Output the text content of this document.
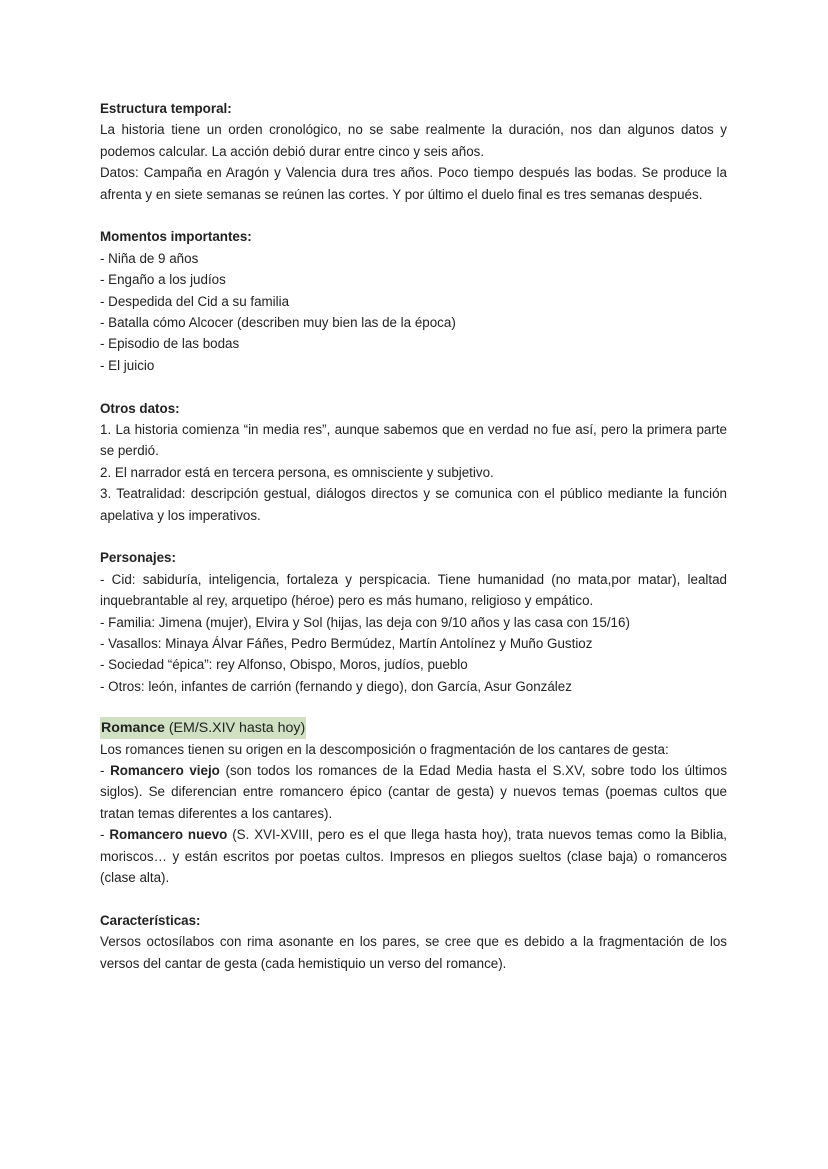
Estructura temporal:
La historia tiene un orden cronológico, no se sabe realmente la duración, nos dan algunos datos y podemos calcular. La acción debió durar entre cinco y seis años.
Datos: Campaña en Aragón y Valencia dura tres años. Poco tiempo después las bodas. Se produce la afrenta y en siete semanas se reúnen las cortes. Y por último el duelo final es tres semanas después.
Momentos importantes:
- Niña de 9 años
- Engaño a los judíos
- Despedida del Cid a su familia
- Batalla cómo Alcocer (describen muy bien las de la época)
- Episodio de las bodas
- El juicio
Otros datos:
1. La historia comienza “in media res”, aunque sabemos que en verdad no fue así, pero la primera parte se perdió.
2. El narrador está en tercera persona, es omnisciente y subjetivo.
3. Teatralidad: descripción gestual, diálogos directos y se comunica con el público mediante la función apelativa y los imperativos.
Personajes:
- Cid: sabiduría, inteligencia, fortaleza y perspicacia. Tiene humanidad (no mata,por matar), lealtad inquebrantable al rey, arquetipo (héroe) pero es más humano, religioso y empático.
- Familia: Jimena (mujer), Elvira y Sol (hijas, las deja con 9/10 años y las casa con 15/16)
- Vasallos: Minaya Álvar Fáñes, Pedro Bermúdez, Martín Antolínez y Muño Gustioz
- Sociedad “épica”: rey Alfonso, Obispo, Moros, judíos, pueblo
- Otros: león, infantes de carrión (fernando y diego), don García, Asur González
Romance (EM/S.XIV hasta hoy)
Los romances tienen su origen en la descomposición o fragmentación de los cantares de gesta:
- Romancero viejo (son todos los romances de la Edad Media hasta el S.XV, sobre todo los últimos siglos). Se diferencian entre romancero épico (cantar de gesta) y nuevos temas (poemas cultos que tratan temas diferentes a los cantares).
- Romancero nuevo (S. XVI-XVIII, pero es el que llega hasta hoy), trata nuevos temas como la Biblia, moriscos… y están escritos por poetas cultos. Impresos en pliegos sueltos (clase baja) o romanceros (clase alta).
Características:
Versos octosílabos con rima asonante en los pares, se cree que es debido a la fragmentación de los versos del cantar de gesta (cada hemistiquio un verso del romance).
